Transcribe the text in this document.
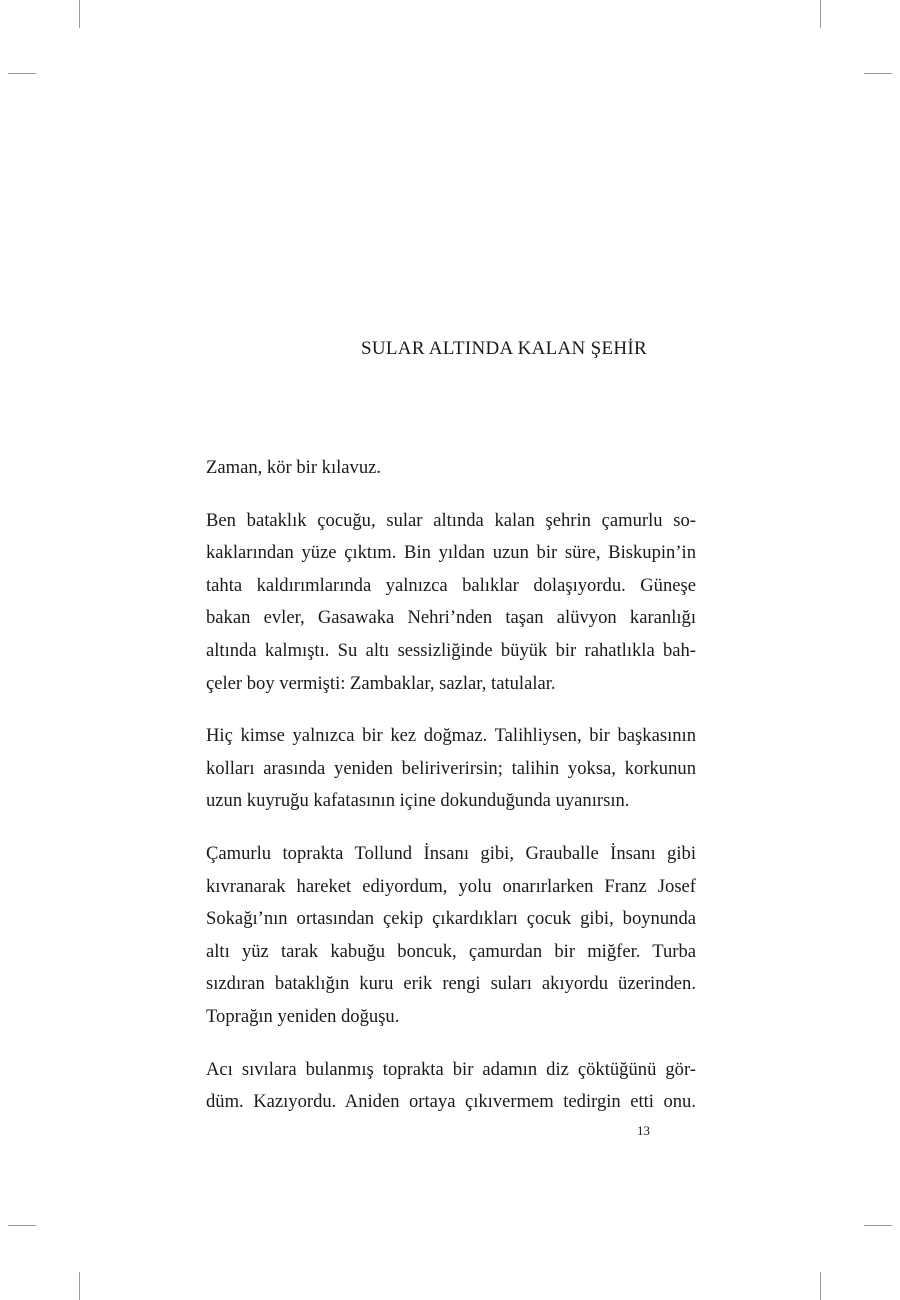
SULAR ALTINDA KALAN ŞEHİR

Zaman, kör bir kılavuz.

Ben bataklık çocuğu, sular altında kalan şehrin çamurlu so-
kaklarından yüze çıktım. Bin yıldan uzun bir süre, Biskupin’in
tahta kaldırımlarında yalnızca balıklar dolaşıyordu. Güneşe
bakan evler, Gasawaka Nehri’nden taşan alüvyon karanlığı
altında kalmıştı. Su altı sessizliğinde büyük bir rahatlıkla bah-
çeler boy vermişti: Zambaklar, sazlar, tatulalar.

Hiç kimse yalnızca bir kez doğmaz. Talihliysen, bir başkasının
kolları arasında yeniden beliriverirsin; talihin yoksa, korkunun
uzun kuyruğu kafatasının içine dokunduğunda uyanırsın.

Çamurlu toprakta Tollund İnsanı gibi, Grauballe İnsanı gibi
kıvranarak hareket ediyordum, yolu onarırlarken Franz Josef
Sokağı’nın ortasından çekip çıkardıkları çocuk gibi, boynunda
altı yüz tarak kabuğu boncuk, çamurdan bir miğfer. Turba
sızdıran bataklığın kuru erik rengi suları akıyordu üzerinden.
Toprağın yeniden doğuşu.

Acı sıvılara bulanmış toprakta bir adamın diz çöktüğünü gör-
düm. Kazıyordu. Aniden ortaya çıkıvermem tedirgin etti onu.

13
